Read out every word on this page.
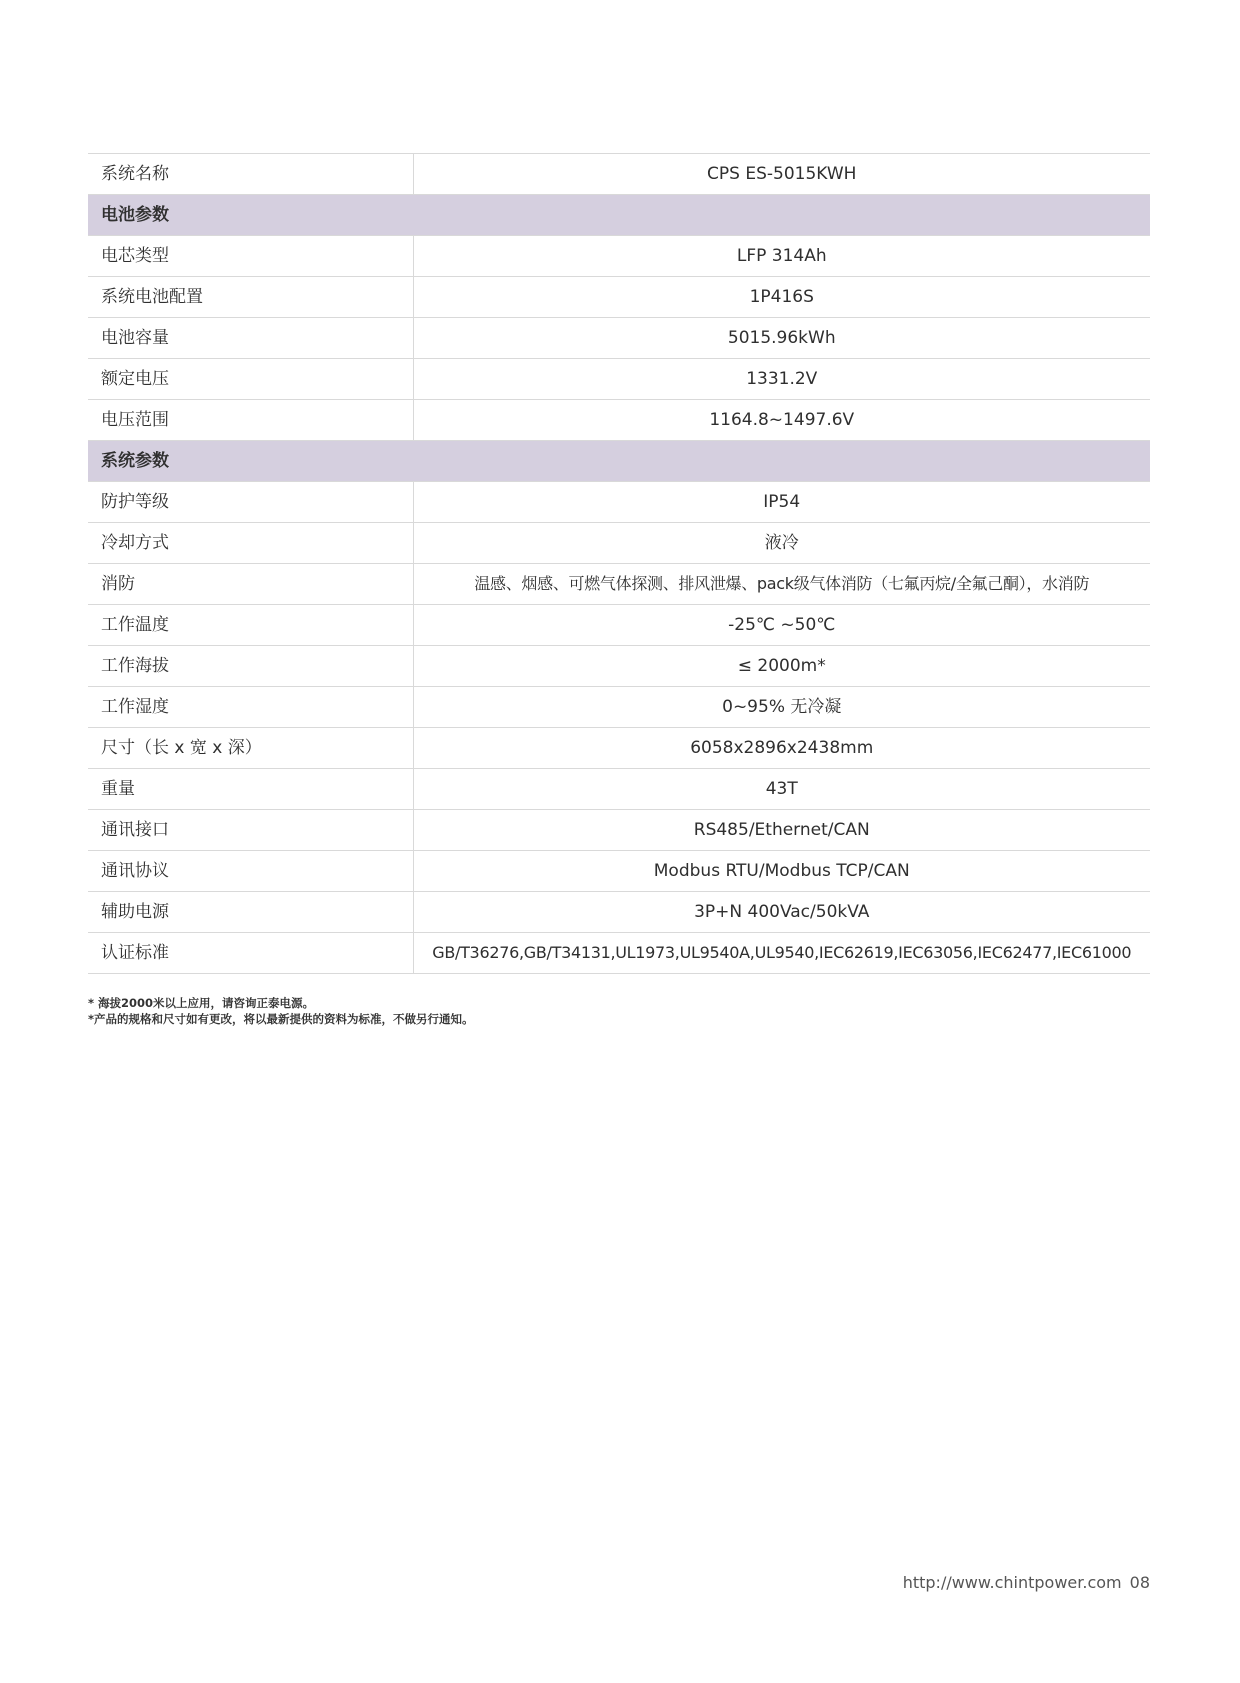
系统名称	CPS ES-5015KWH
电池参数	
电芯类型	LFP 314Ah
系统电池配置	1P416S
电池容量	5015.96kWh
额定电压	1331.2V
电压范围	1164.8~1497.6V
系统参数	
防护等级	IP54
冷却方式	液冷
消防	温感、烟感、可燃气体探测、排风泄爆、pack级气体消防（七氟丙烷/全氟己酮），水消防
工作温度	-25℃ ~50℃
工作海拔	≤ 2000m*
工作湿度	0~95% 无冷凝
尺寸（长 x 宽 x 深）	6058x2896x2438mm
重量	43T
通讯接口	RS485/Ethernet/CAN
通讯协议	Modbus RTU/Modbus TCP/CAN
辅助电源	3P+N 400Vac/50kVA
认证标准	GB/T36276,GB/T34131,UL1973,UL9540A,UL9540,IEC62619,IEC63056,IEC62477,IEC61000
* 海拔2000米以上应用，请咨询正泰电源。
*产品的规格和尺寸如有更改，将以最新提供的资料为标准，不做另行通知。
http://www.chintpower.com 08
